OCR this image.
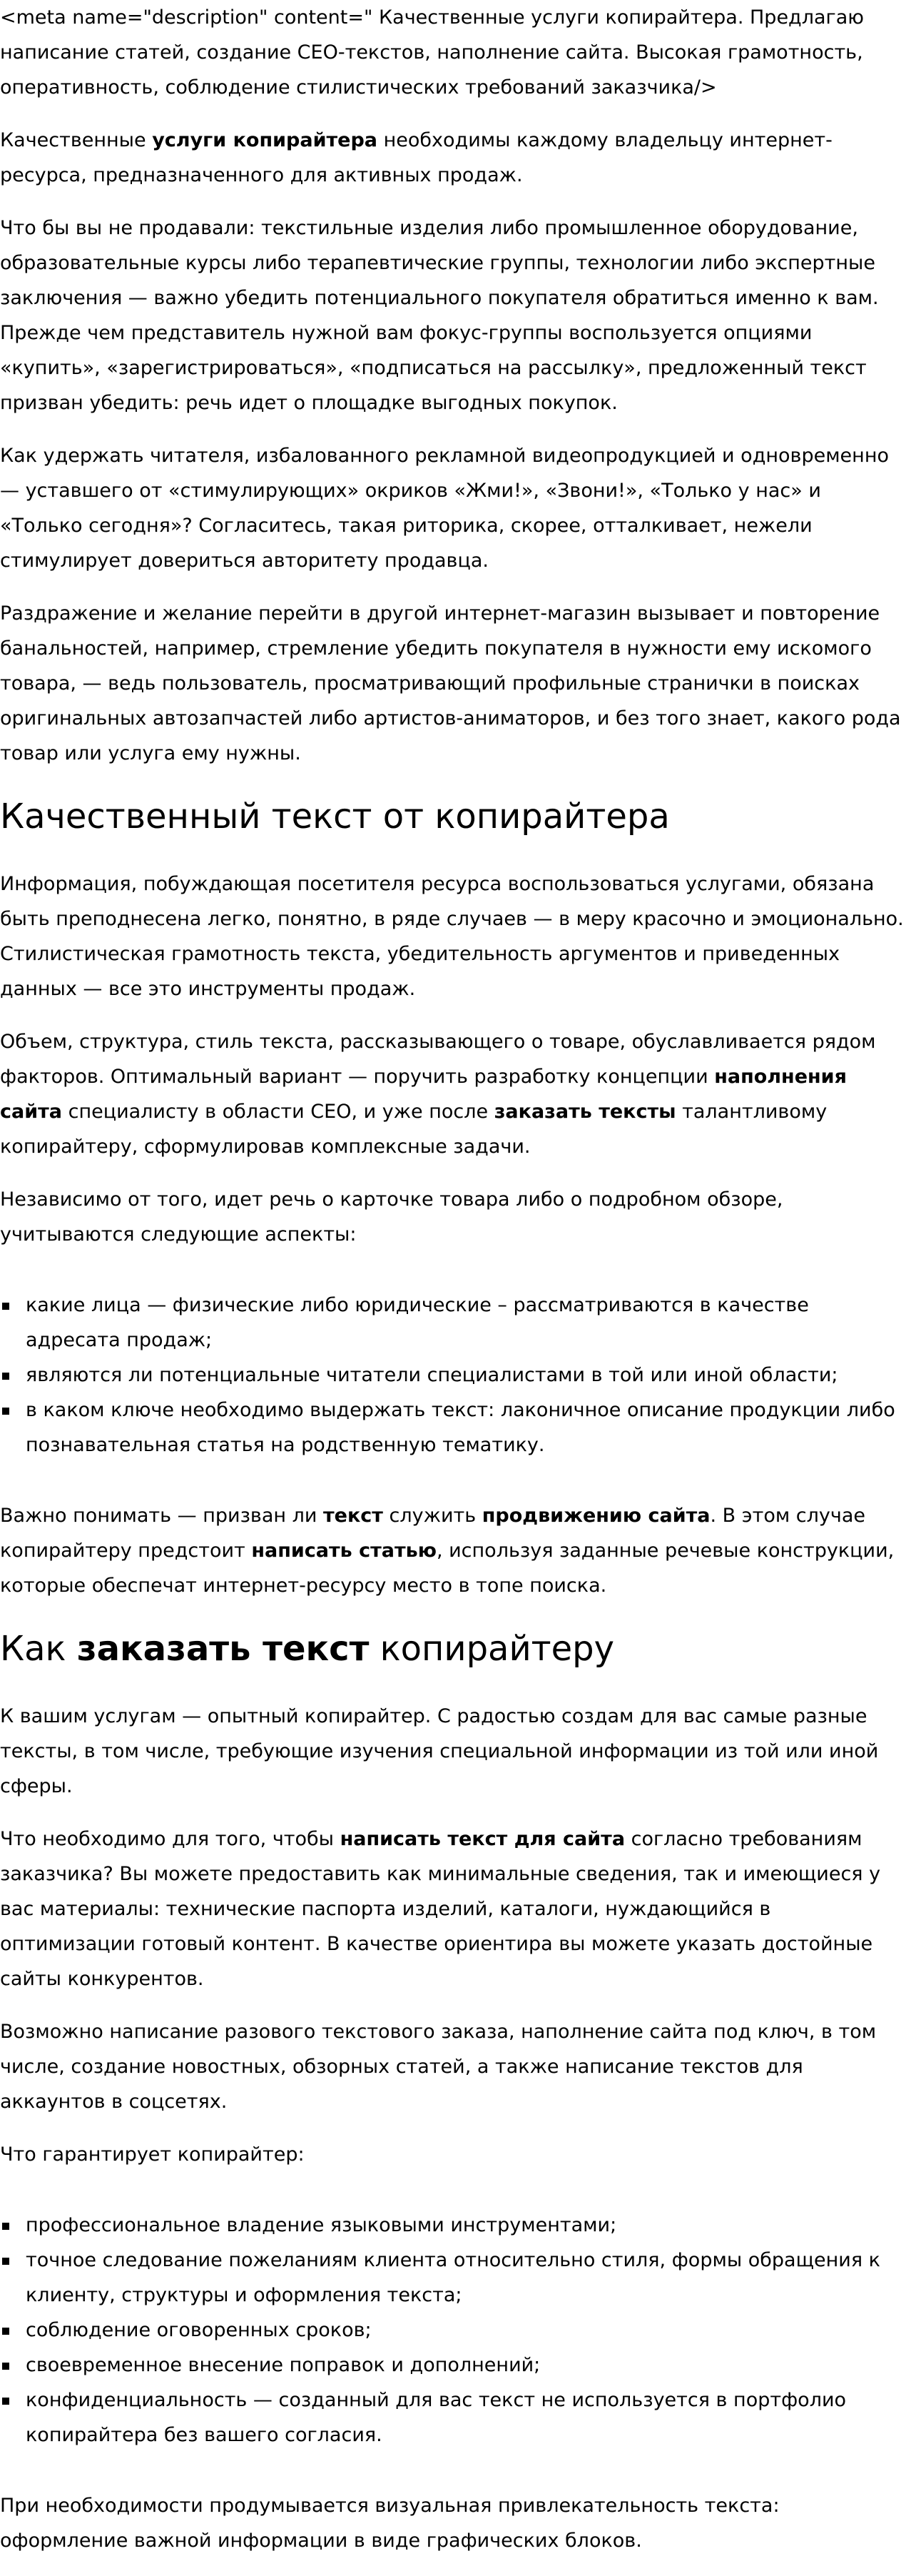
<meta name="description" content=" Качественные услуги копирайтера. Предлагаю написание статей, создание СЕО-текстов, наполнение сайта. Высокая грамотность, оперативность, соблюдение стилистических требований заказчика/>

Качественные услуги копирайтера необходимы каждому владельцу интернет-ресурса, предназначенного для активных продаж.

Что бы вы не продавали: текстильные изделия либо промышленное оборудование, образовательные курсы либо терапевтические группы, технологии либо экспертные заключения — важно убедить потенциального покупателя обратиться именно к вам. Прежде чем представитель нужной вам фокус-группы воспользуется опциями «купить», «зарегистрироваться», «подписаться на рассылку», предложенный текст призван убедить: речь идет о площадке выгодных покупок.

Как удержать читателя, избалованного рекламной видеопродукцией и одновременно — уставшего от «стимулирующих» окриков «Жми!», «Звони!», «Только у нас» и «Только сегодня»? Согласитесь, такая риторика, скорее, отталкивает, нежели стимулирует довериться авторитету продавца.

Раздражение и желание перейти в другой интернет-магазин вызывает и повторение банальностей, например, стремление убедить покупателя в нужности ему искомого товара, — ведь пользователь, просматривающий профильные странички в поисках оригинальных автозапчастей либо артистов-аниматоров, и без того знает, какого рода товар или услуга ему нужны.

Качественный текст от копирайтера

Информация, побуждающая посетителя ресурса воспользоваться услугами, обязана быть преподнесена легко, понятно, в ряде случаев — в меру красочно и эмоционально. Стилистическая грамотность текста, убедительность аргументов и приведенных данных — все это инструменты продаж.

Объем, структура, стиль текста, рассказывающего о товаре, обуславливается рядом факторов. Оптимальный вариант — поручить разработку концепции наполнения сайта специалисту в области СЕО, и уже после заказать тексты талантливому копирайтеру, сформулировав комплексные задачи.

Независимо от того, идет речь о карточке товара либо о подробном обзоре, учитываются следующие аспекты:

какие лица — физические либо юридические – рассматриваются в качестве адресата продаж;
являются ли потенциальные читатели специалистами в той или иной области;
в каком ключе необходимо выдержать текст: лаконичное описание продукции либо познавательная статья на родственную тематику.

Важно понимать — призван ли текст служить продвижению сайта. В этом случае копирайтеру предстоит написать статью, используя заданные речевые конструкции, которые обеспечат интернет-ресурсу место в топе поиска.

Как заказать текст копирайтеру

К вашим услугам — опытный копирайтер. С радостью создам для вас самые разные тексты, в том числе, требующие изучения специальной информации из той или иной сферы.

Что необходимо для того, чтобы написать текст для сайта согласно требованиям заказчика? Вы можете предоставить как минимальные сведения, так и имеющиеся у вас материалы: технические паспорта изделий, каталоги, нуждающийся в оптимизации готовый контент. В качестве ориентира вы можете указать достойные сайты конкурентов.

Возможно написание разового текстового заказа, наполнение сайта под ключ, в том числе, создание новостных, обзорных статей, а также написание текстов для аккаунтов в соцсетях.

Что гарантирует копирайтер:

профессиональное владение языковыми инструментами;
точное следование пожеланиям клиента относительно стиля, формы обращения к клиенту, структуры и оформления текста;
соблюдение оговоренных сроков;
своевременное внесение поправок и дополнений;
конфиденциальность — созданный для вас текст не используется в портфолио копирайтера без вашего согласия.

При необходимости продумывается визуальная привлекательность текста: оформление важной информации в виде графических блоков.
